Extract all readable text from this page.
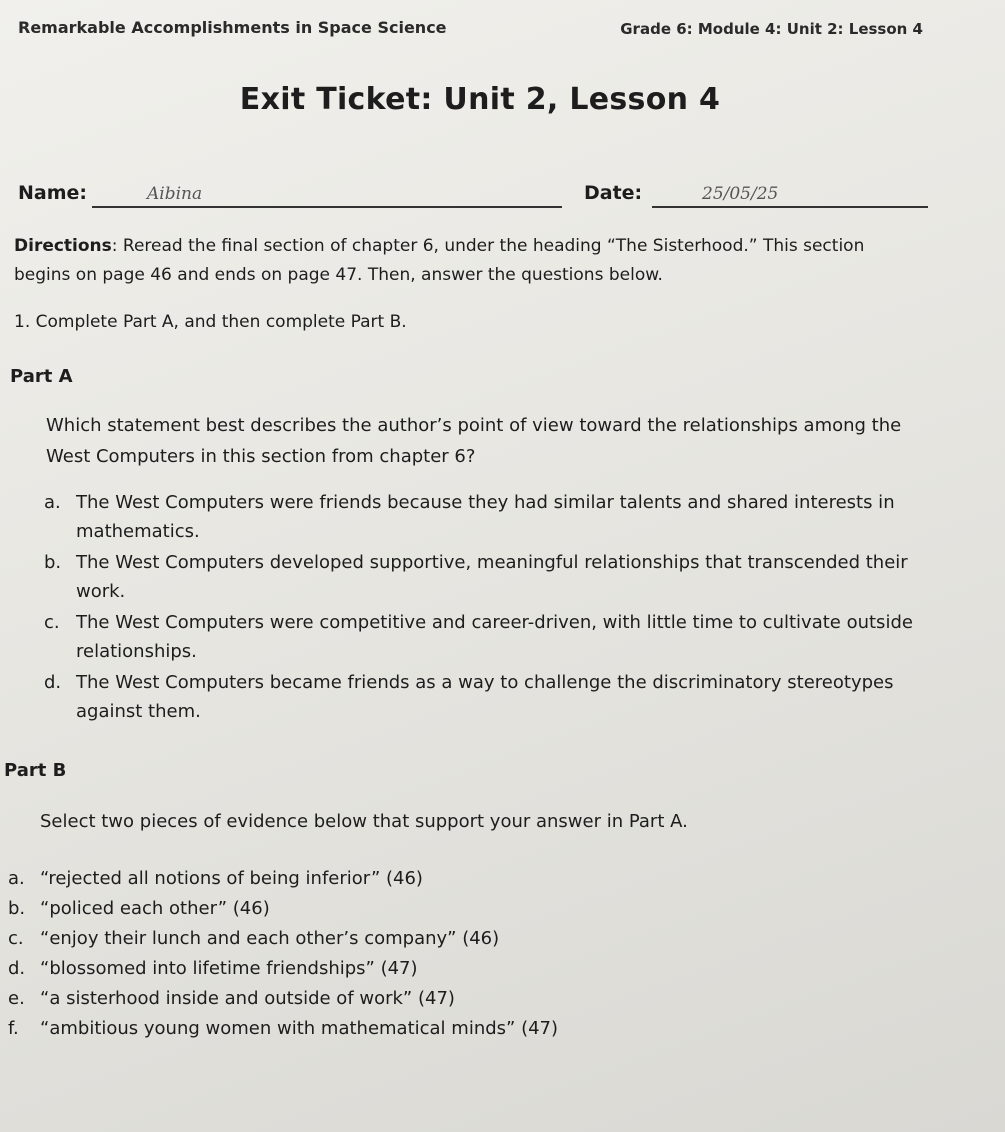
Remarkable Accomplishments in Space Science	Grade 6: Module 4: Unit 2: Lesson 4
Exit Ticket: Unit 2, Lesson 4
Name:	Aibina	Date:	25/05/25
Directions: Reread the final section of chapter 6, under the heading “The Sisterhood.” This section begins on page 46 and ends on page 47. Then, answer the questions below.
1. Complete Part A, and then complete Part B.
Part A
Which statement best describes the author’s point of view toward the relationships among the West Computers in this section from chapter 6?
a. The West Computers were friends because they had similar talents and shared interests in mathematics.
b. The West Computers developed supportive, meaningful relationships that transcended their work.
c. The West Computers were competitive and career-driven, with little time to cultivate outside relationships.
d. The West Computers became friends as a way to challenge the discriminatory stereotypes against them.
Part B
Select two pieces of evidence below that support your answer in Part A.
a. “rejected all notions of being inferior” (46)
b. “policed each other” (46)
c. “enjoy their lunch and each other’s company” (46)
d. “blossomed into lifetime friendships” (47)
e. “a sisterhood inside and outside of work” (47)
f. “ambitious young women with mathematical minds” (47)
